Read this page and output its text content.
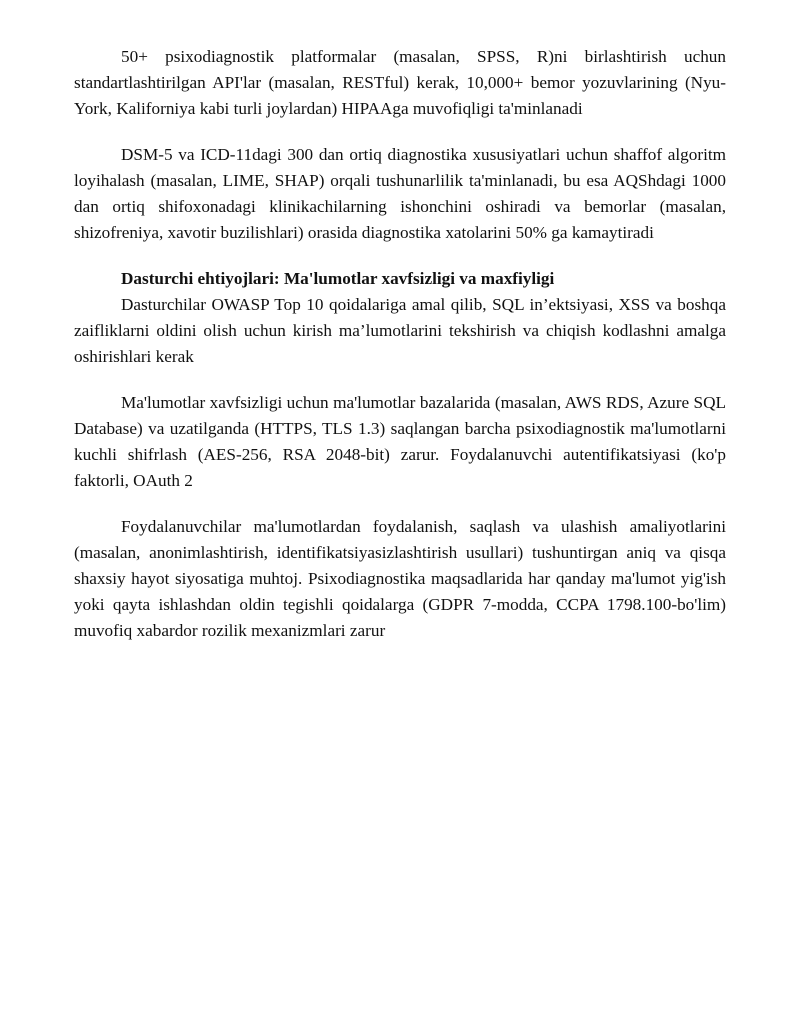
50+ psixodiagnostik platformalar (masalan, SPSS, R)ni birlashtirish uchun standartlashtirilgan API'lar (masalan, RESTful) kerak, 10,000+ bemor yozuvlarining (Nyu-York, Kaliforniya kabi turli joylardan) HIPAAga muvofiqligi ta'minlanadi

DSM-5 va ICD-11dagi 300 dan ortiq diagnostika xususiyatlari uchun shaffof algoritm loyihalash (masalan, LIME, SHAP) orqali tushunarlilik ta'minlanadi, bu esa AQShdagi 1000 dan ortiq shifoxonadagi klinikachilarning ishonchini oshiradi va bemorlar (masalan, shizofreniya, xavotir buzilishlari) orasida diagnostika xatolarini 50% ga kamaytiradi

Dasturchi ehtiyojlari: Ma'lumotlar xavfsizligi va maxfiyligi

Dasturchilar OWASP Top 10 qoidalariga amal qilib, SQL in’ektsiyasi, XSS va boshqa zaifliklarni oldini olish uchun kirish ma’lumotlarini tekshirish va chiqish kodlashni amalga oshirishlari kerak

Ma'lumotlar xavfsizligi uchun ma'lumotlar bazalarida (masalan, AWS RDS, Azure SQL Database) va uzatilganda (HTTPS, TLS 1.3) saqlangan barcha psixodiagnostik ma'lumotlarni kuchli shifrlash (AES-256, RSA 2048-bit) zarur. Foydalanuvchi autentifikatsiyasi (ko'p faktorli, OAuth 2

Foydalanuvchilar ma'lumotlardan foydalanish, saqlash va ulashish amaliyotlarini (masalan, anonimlashtirish, identifikatsiyasizlashtirish usullari) tushuntirgan aniq va qisqa shaxsiy hayot siyosatiga muhtoj. Psixodiagnostika maqsadlarida har qanday ma'lumot yig'ish yoki qayta ishlashdan oldin tegishli qoidalarga (GDPR 7-modda, CCPA 1798.100-bo'lim) muvofiq xabardor rozilik mexanizmlari zarur
